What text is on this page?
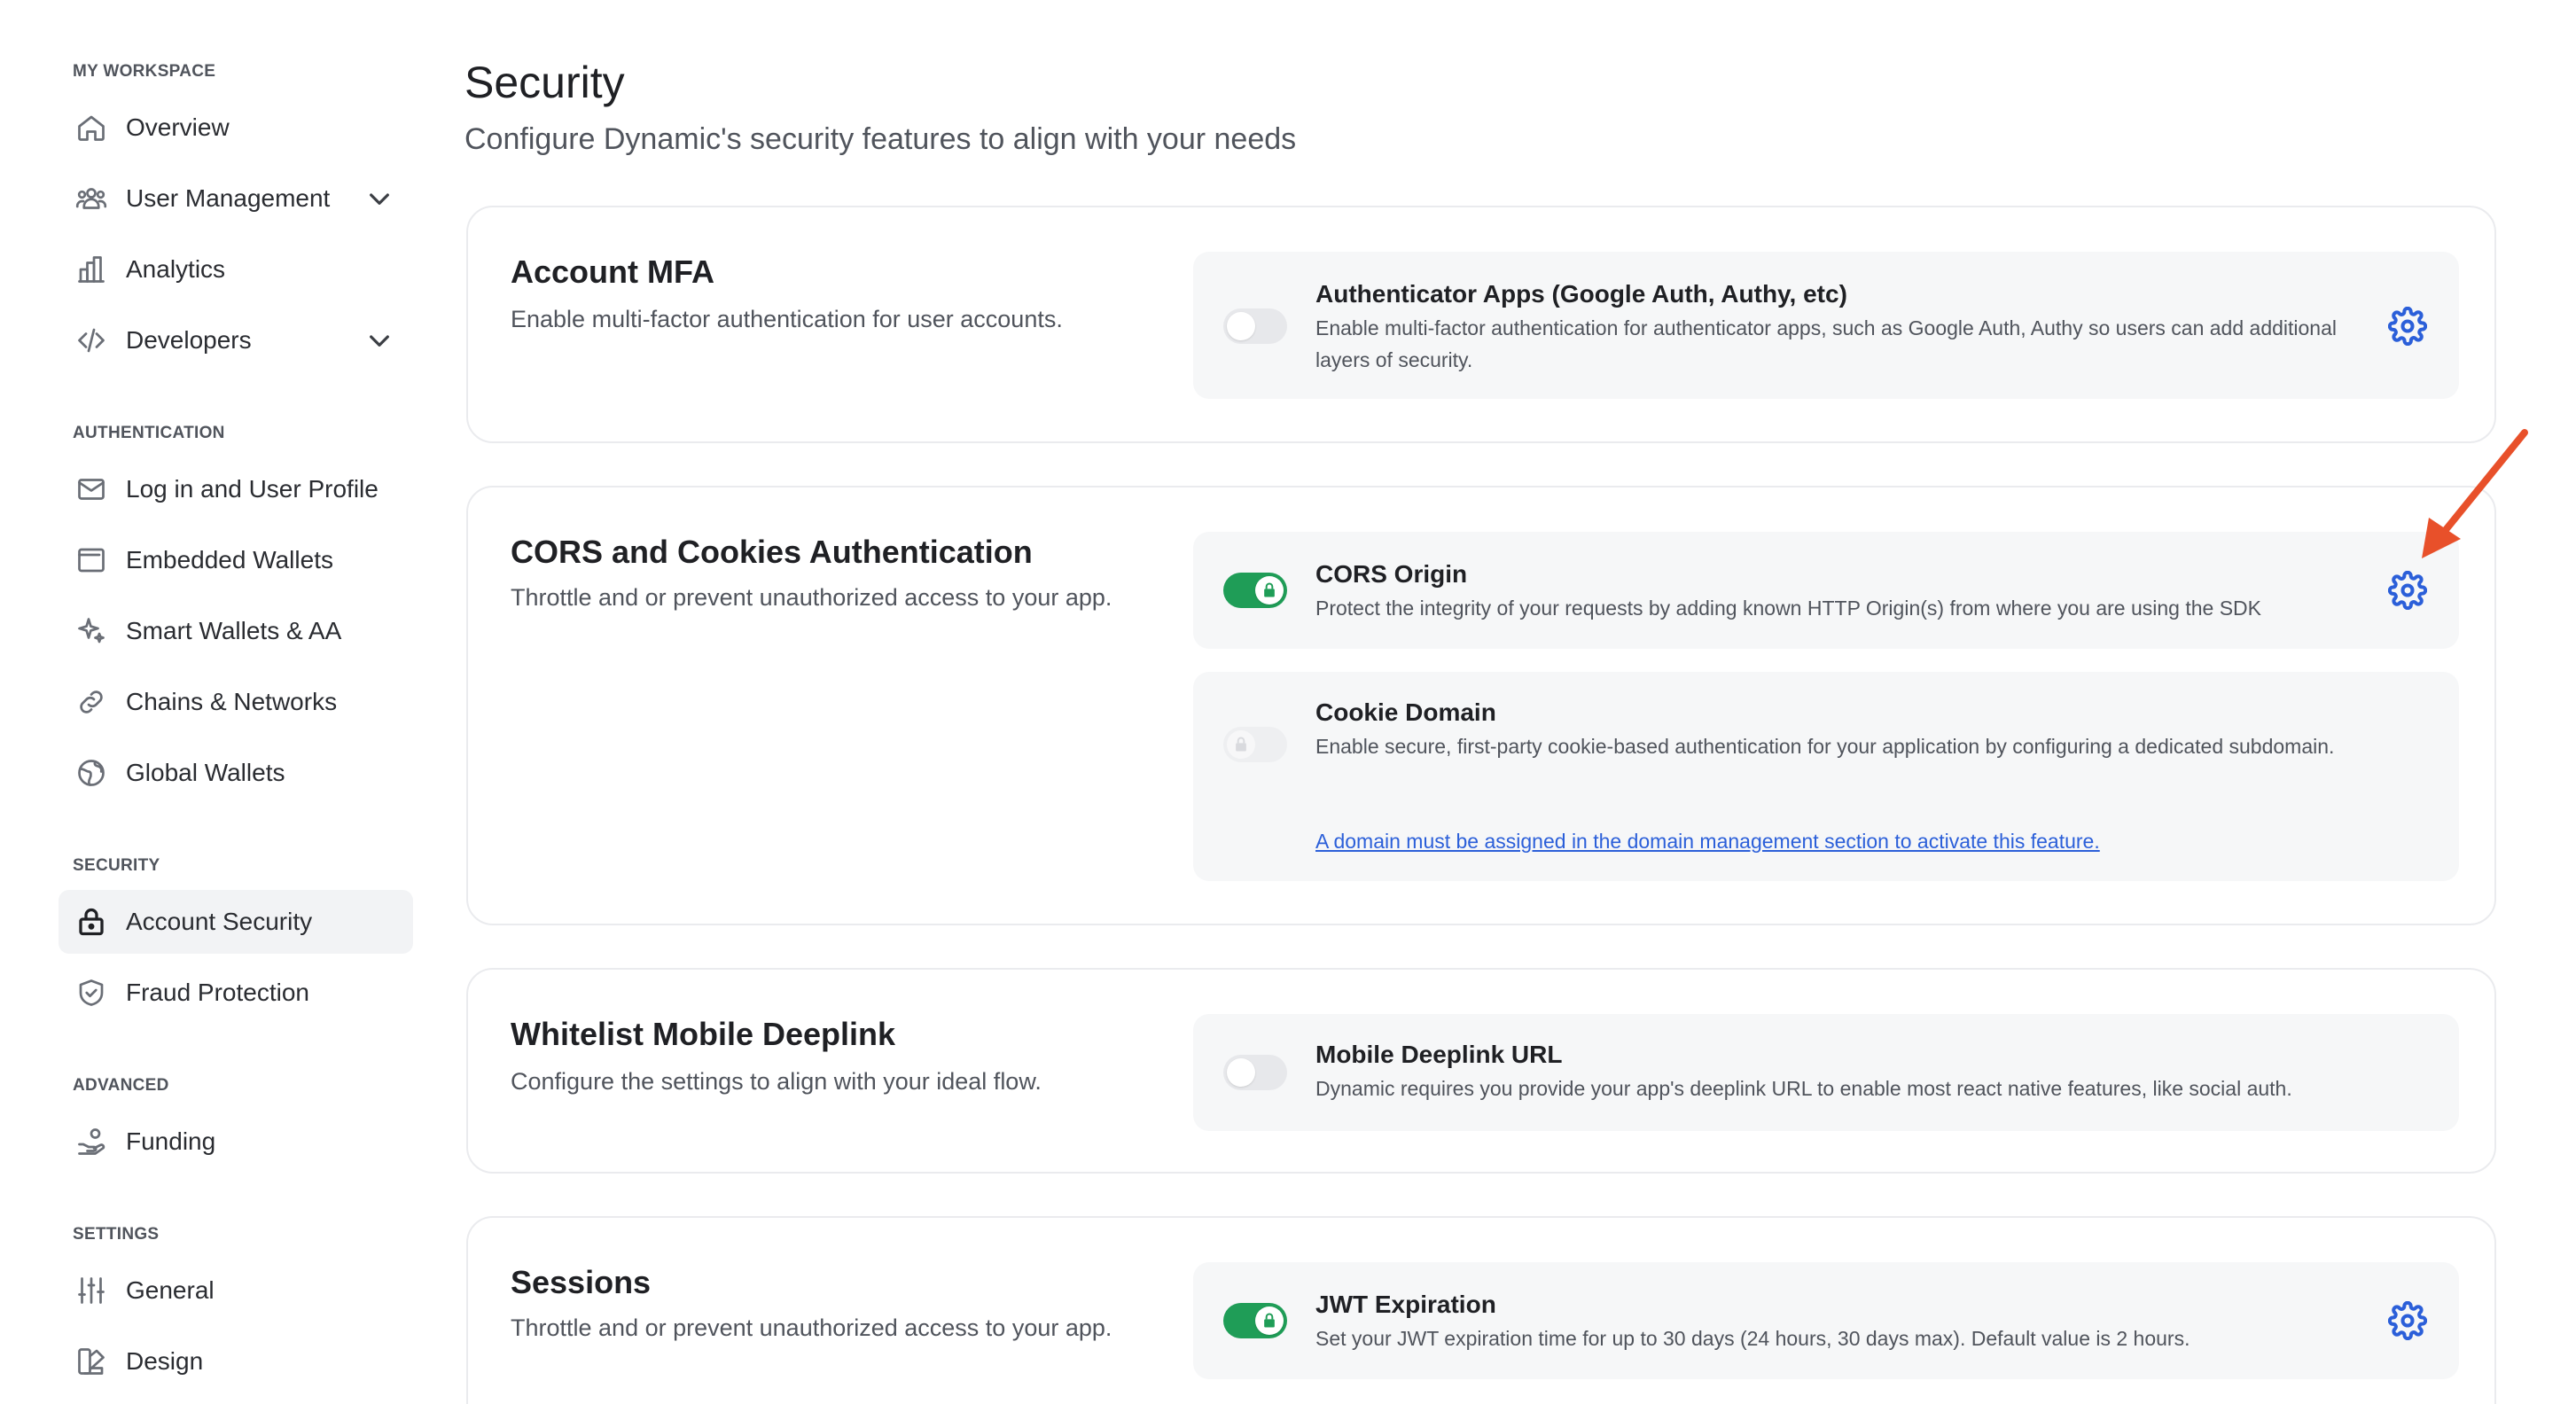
MY WORKSPACE
Overview
User Management
Analytics
Developers
AUTHENTICATION
Log in and User Profile
Embedded Wallets
Smart Wallets & AA
Chains & Networks
Global Wallets
SECURITY
Account Security
Fraud Protection
ADVANCED
Funding
SETTINGS
General
Design
Security

Configure Dynamic's security features to align with your needs

Account MFA

Enable multi-factor authentication for user accounts.

Authenticator Apps (Google Auth, Authy, etc)
Enable multi-factor authentication for authenticator apps, such as Google Auth, Authy so users can add additional layers of security.
CORS and Cookies Authentication

Throttle and or prevent unauthorized access to your app.

CORS Origin
Protect the integrity of your requests by adding known HTTP Origin(s) from where you are using the SDK
Cookie Domain
Enable secure, first-party cookie-based authentication for your application by configuring a dedicated subdomain.
A domain must be assigned in the domain management section to activate this feature.
Whitelist Mobile Deeplink

Configure the settings to align with your ideal flow.

Mobile Deeplink URL
Dynamic requires you provide your app's deeplink URL to enable most react native features, like social auth.
Sessions

Throttle and or prevent unauthorized access to your app.

JWT Expiration
Set your JWT expiration time for up to 30 days (24 hours, 30 days max). Default value is 2 hours.
